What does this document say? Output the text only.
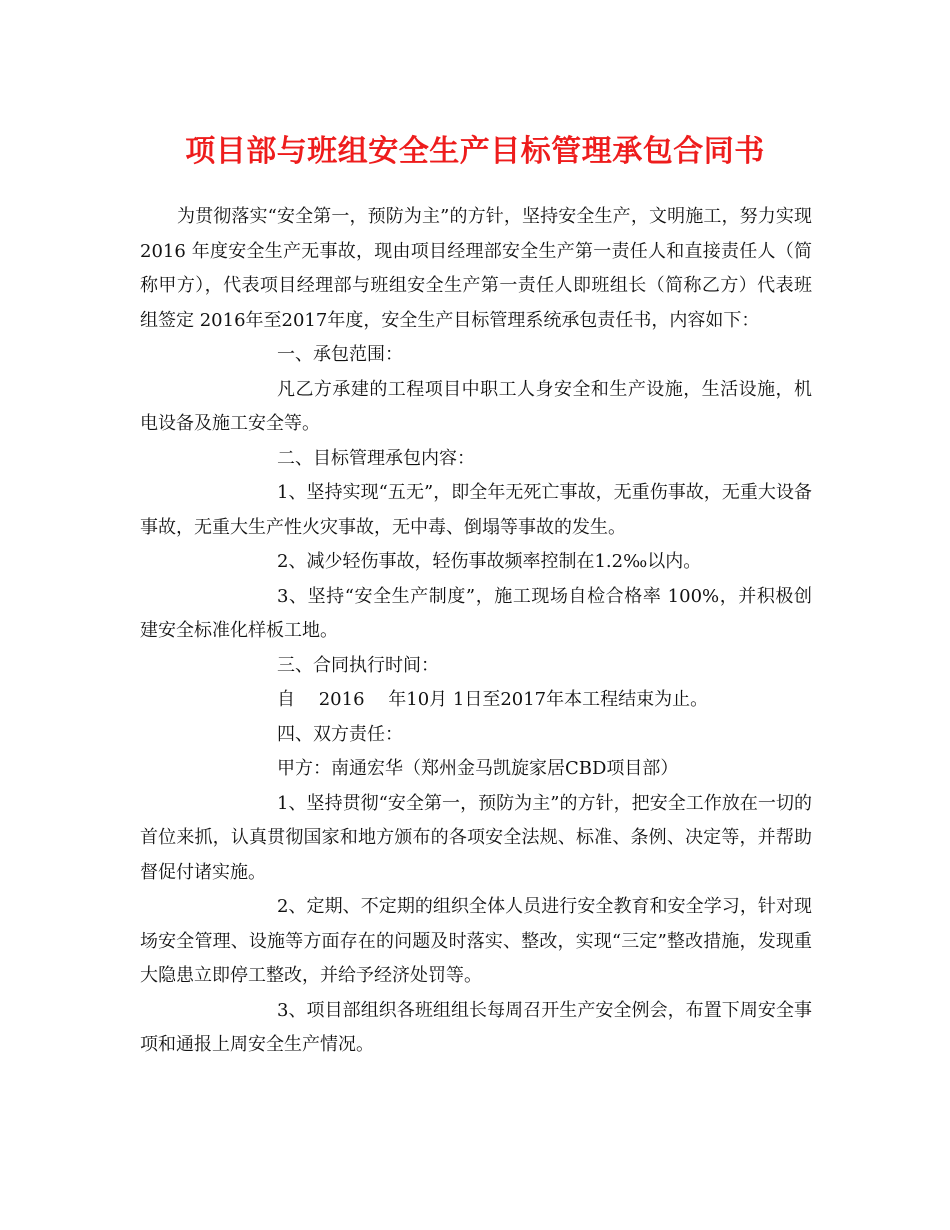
项目部与班组安全生产目标管理承包合同书

为贯彻落实“安全第一，预防为主”的方针，坚持安全生产，文明施工，努力实现　2016 年度安全生产无事故，现由项目经理部安全生产第一责任人和直接责任人（简称甲方），代表项目经理部与班组安全生产第一责任人即班组长（简称乙方）代表班组签定 2016年至2017年度，安全生产目标管理系统承包责任书，内容如下：

一、承包范围：

凡乙方承建的工程项目中职工人身安全和生产设施，生活设施，机电设备及施工安全等。

二、目标管理承包内容：

1、坚持实现“五无”，即全年无死亡事故，无重伤事故，无重大设备事故，无重大生产性火灾事故，无中毒、倒塌等事故的发生。

2、减少轻伤事故，轻伤事故频率控制在1.2‰以内。

3、坚持“安全生产制度”，施工现场自检合格率 100%，并积极创建安全标准化样板工地。

三、合同执行时间：

自　 2016　 年10月 1日至2017年本工程结束为止。

四、双方责任：

甲方：南通宏华（郑州金马凯旋家居CBD项目部）

1、坚持贯彻“安全第一，预防为主”的方针，把安全工作放在一切的首位来抓，认真贯彻国家和地方颁布的各项安全法规、标准、条例、决定等，并帮助督促付诸实施。

2、定期、不定期的组织全体人员进行安全教育和安全学习，针对现场安全管理、设施等方面存在的问题及时落实、整改，实现“三定”整改措施，发现重大隐患立即停工整改，并给予经济处罚等。

3、项目部组织各班组组长每周召开生产安全例会，布置下周安全事项和通报上周安全生产情况。
